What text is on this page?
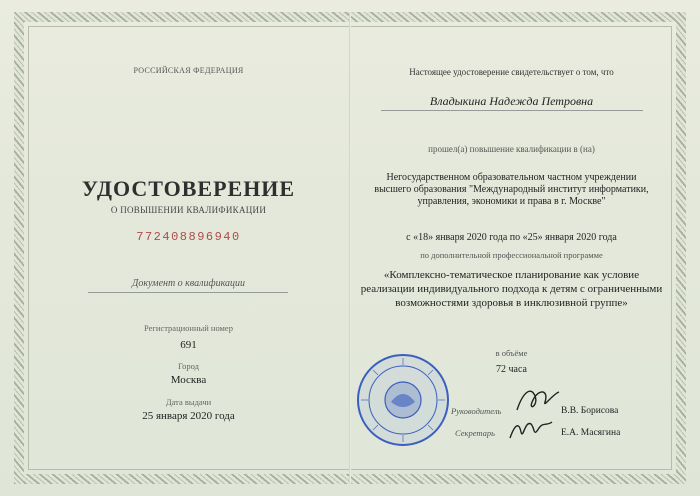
РОССИЙСКАЯ ФЕДЕРАЦИЯ
УДОСТОВЕРЕНИЕ
О ПОВЫШЕНИИ КВАЛИФИКАЦИИ
772408896940
Документ о квалификации
Регистрационный номер
691
Город
Москва
Дата выдачи
25 января 2020 года
Настоящее удостоверение свидетельствует о том, что
Владыкина Надежда Петровна
прошел(а) повышение квалификации в (на)
Негосударственном образовательном частном учреждении
высшего образования "Международный институт информатики,
управления, экономики и права в г. Москве"
с «18» января 2020 года по «25» января 2020 года
по дополнительной профессиональной программе
«Комплексно-тематическое планирование как условие
реализации индивидуального подхода к детям с ограниченными
возможностями здоровья в инклюзивной группе»
в объёме
72 часа
Руководитель	В.В. Борисова
Секретарь	Е.А. Масягина
